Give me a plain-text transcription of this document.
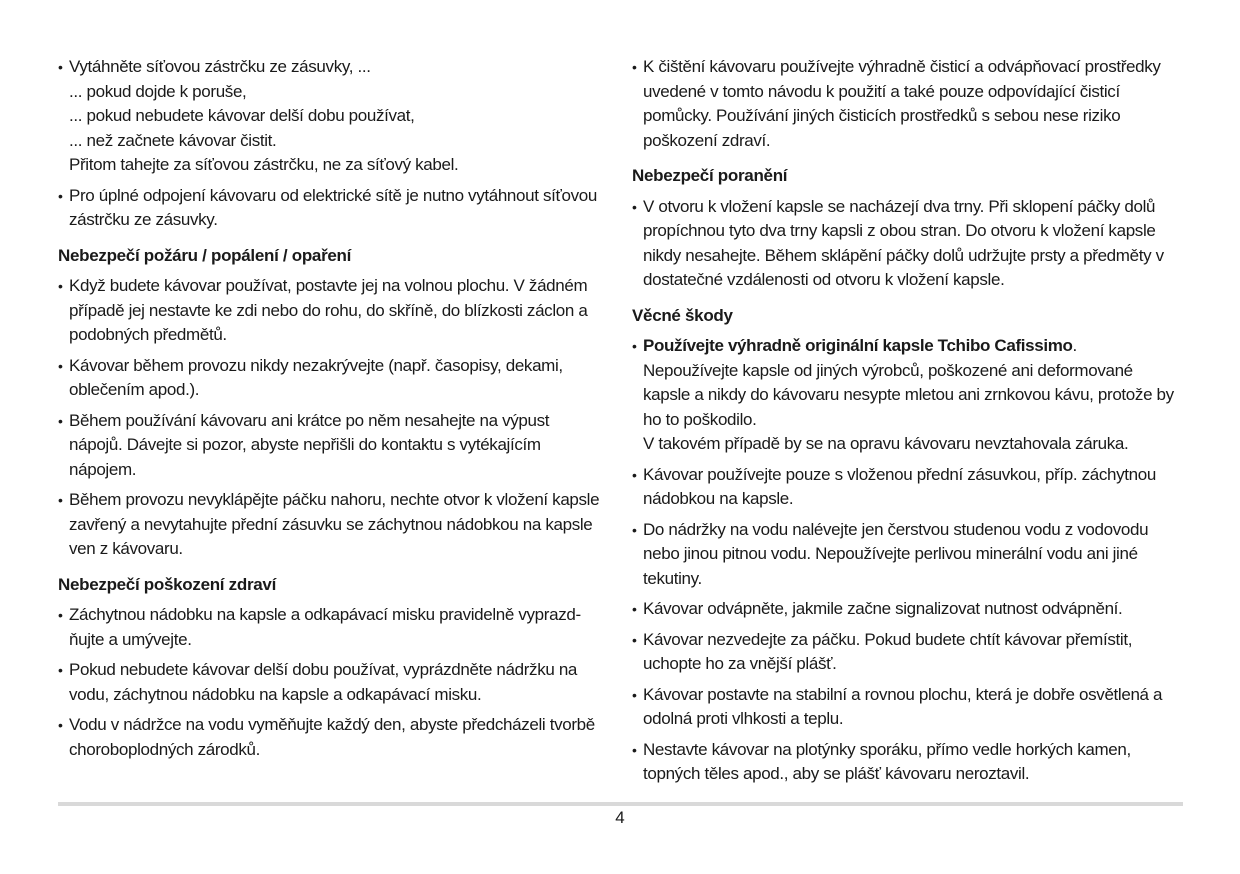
• Vytáhněte síťovou zástrčku ze zásuvky, ...

... pokud dojde k poruše,

... pokud nebudete kávovar delší dobu používat,

... než začnete kávovar čistit.

Přitom tahejte za síťovou zástrčku, ne za síťový kabel.

• Pro úplné odpojení kávovaru od elektrické sítě je nutno vytáhnout síťovou zástrčku ze zásuvky.
Nebezpečí požáru / popálení / opaření
• Když budete kávovar používat, postavte jej na volnou plochu. V žádném případě jej nestavte ke zdi nebo do rohu, do skříně, do blízkosti záclon a podobných předmětů.
• Kávovar během provozu nikdy nezakrývejte (např. časopisy, dekami, oblečením apod.).
• Během používání kávovaru ani krátce po něm nesahejte na výpust nápojů. Dávejte si pozor, abyste nepřišli do kontaktu s vytékajícím nápojem.
• Během provozu nevyklápějte páčku nahoru, nechte otvor k vložení kapsle zavřený a nevytahujte přední zásuvku se záchytnou nádobkou na kapsle ven z kávovaru.
Nebezpečí poškození zdraví
• Záchytnou nádobku na kapsle a odkapávací misku pravidelně vyprazd-ňujte a umývejte.
• Pokud nebudete kávovar delší dobu používat, vyprázdněte nádržku na vodu, záchytnou nádobku na kapsle a odkapávací misku.
• Vodu v nádržce na vodu vyměňujte každý den, abyste předcházeli tvorbě choroboplodných zárodků.
• K čištění kávovaru používejte výhradně čisticí a odvápňovací prostředky uvedené v tomto návodu k použití a také pouze odpovídající čisticí pomůcky. Používání jiných čisticích prostředků s sebou nese riziko poškození zdraví.
Nebezpečí poranění
• V otvoru k vložení kapsle se nacházejí dva trny. Při sklopení páčky dolů propíchnou tyto dva trny kapsli z obou stran. Do otvoru k vložení kapsle nikdy nesahejte. Během sklápění páčky dolů udržujte prsty a předměty v dostatečné vzdálenosti od otvoru k vložení kapsle.
Věcné škody

• Používejte výhradně originální kapsle Tchibo Cafissimo.

Nepoužívejte kapsle od jiných výrobců, poškozené ani deformované kapsle a nikdy do kávovaru nesypte mletou ani zrnkovou kávu, protože by ho to poškodilo.

V takovém případě by se na opravu kávovaru nevztahovala záruka.

• Kávovar používejte pouze s vloženou přední zásuvkou, příp. záchytnou nádobkou na kapsle.
• Do nádržky na vodu nalévejte jen čerstvou studenou vodu z vodovodu nebo jinou pitnou vodu. Nepoužívejte perlivou minerální vodu ani jiné tekutiny.
• Kávovar odvápněte, jakmile začne signalizovat nutnost odvápnění.
• Kávovar nezvedejte za páčku. Pokud budete chtít kávovar přemístit, uchopte ho za vnější plášť.
• Kávovar postavte na stabilní a rovnou plochu, která je dobře osvětlená a odolná proti vlhkosti a teplu.
• Nestavte kávovar na plotýnky sporáku, přímo vedle horkých kamen, topných těles apod., aby se plášť kávovaru neroztavil.
4
